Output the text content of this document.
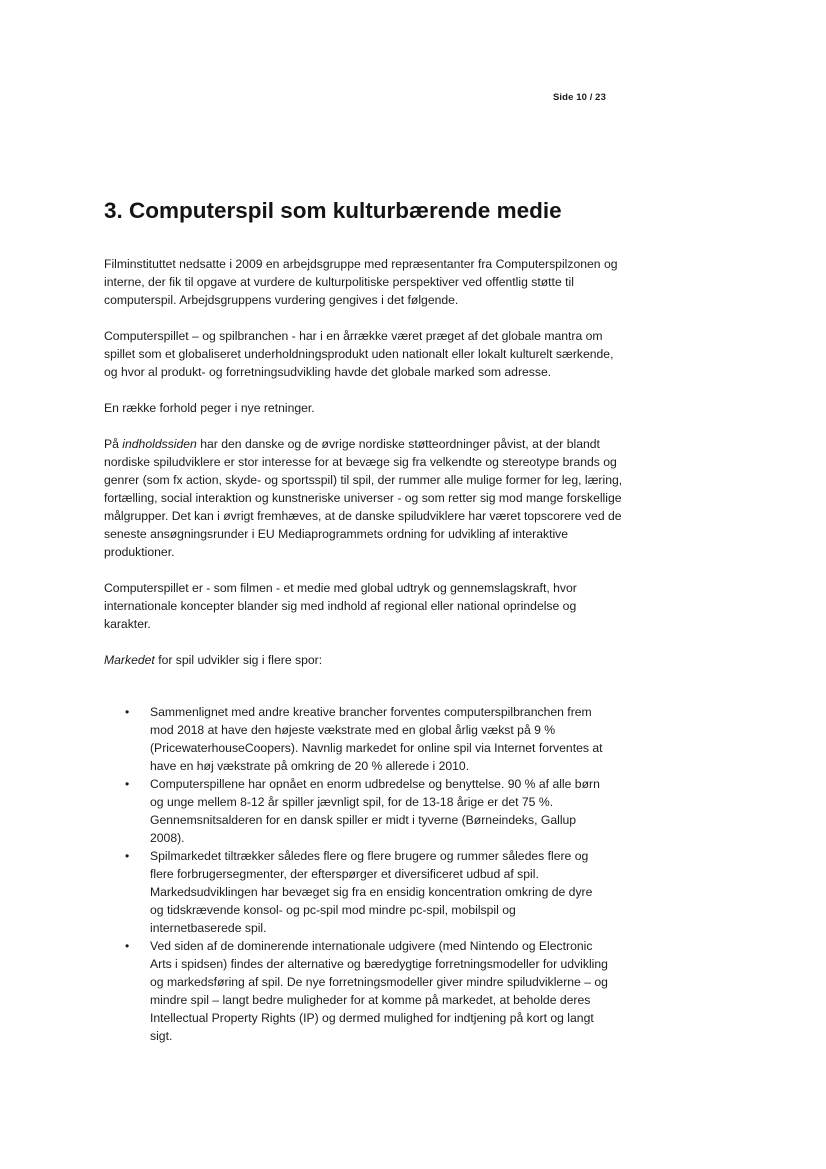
Side 10 / 23
3. Computerspil som kulturbærende medie

Filminstituttet nedsatte i 2009 en arbejdsgruppe med repræsentanter fra Computerspilzonen og interne, der fik til opgave at vurdere de kulturpolitiske perspektiver ved offentlig støtte til computerspil. Arbejdsgruppens vurdering gengives i det følgende.

Computerspillet – og spilbranchen - har i en årrække været præget af det globale mantra om spillet som et globaliseret underholdningsprodukt uden nationalt eller lokalt kulturelt særkende, og hvor al produkt- og forretningsudvikling havde det globale marked som adresse.

En række forhold peger i nye retninger.

På indholdssiden har den danske og de øvrige nordiske støtteordninger påvist, at der blandt nordiske spiludviklere er stor interesse for at bevæge sig fra velkendte og stereotype brands og genrer (som fx action, skyde- og sportsspil) til spil, der rummer alle mulige former for leg, læring, fortælling, social interaktion og kunstneriske universer - og som retter sig mod mange forskellige målgrupper. Det kan i øvrigt fremhæves, at de danske spiludviklere har været topscorere ved de seneste ansøgningsrunder i EU Mediaprogrammets ordning for udvikling af interaktive produktioner.

Computerspillet er - som filmen - et medie med global udtryk og gennemslagskraft, hvor internationale koncepter blander sig med indhold af regional eller national oprindelse og karakter.

Markedet for spil udvikler sig i flere spor:

• Sammenlignet med andre kreative brancher forventes computerspilbranchen frem mod 2018 at have den højeste vækstrate med en global årlig vækst på 9 % (PricewaterhouseCoopers). Navnlig markedet for online spil via Internet forventes at have en høj vækstrate på omkring de 20 % allerede i 2010.
• Computerspillene har opnået en enorm udbredelse og benyttelse. 90 % af alle børn og unge mellem 8-12 år spiller jævnligt spil, for de 13-18 årige er det 75 %. Gennemsnitsalderen for en dansk spiller er midt i tyverne (Børneindeks, Gallup 2008).
• Spilmarkedet tiltrækker således flere og flere brugere og rummer således flere og flere forbrugersegmenter, der efterspørger et diversificeret udbud af spil. Markedsudviklingen har bevæget sig fra en ensidig koncentration omkring de dyre og tidskrævende konsol- og pc-spil mod mindre pc-spil, mobilspil og internetbaserede spil.
• Ved siden af de dominerende internationale udgivere (med Nintendo og Electronic Arts i spidsen) findes der alternative og bæredygtige forretningsmodeller for udvikling og markedsføring af spil. De nye forretningsmodeller giver mindre spiludviklerne – og mindre spil – langt bedre muligheder for at komme på markedet, at beholde deres Intellectual Property Rights (IP) og dermed mulighed for indtjening på kort og langt sigt.
